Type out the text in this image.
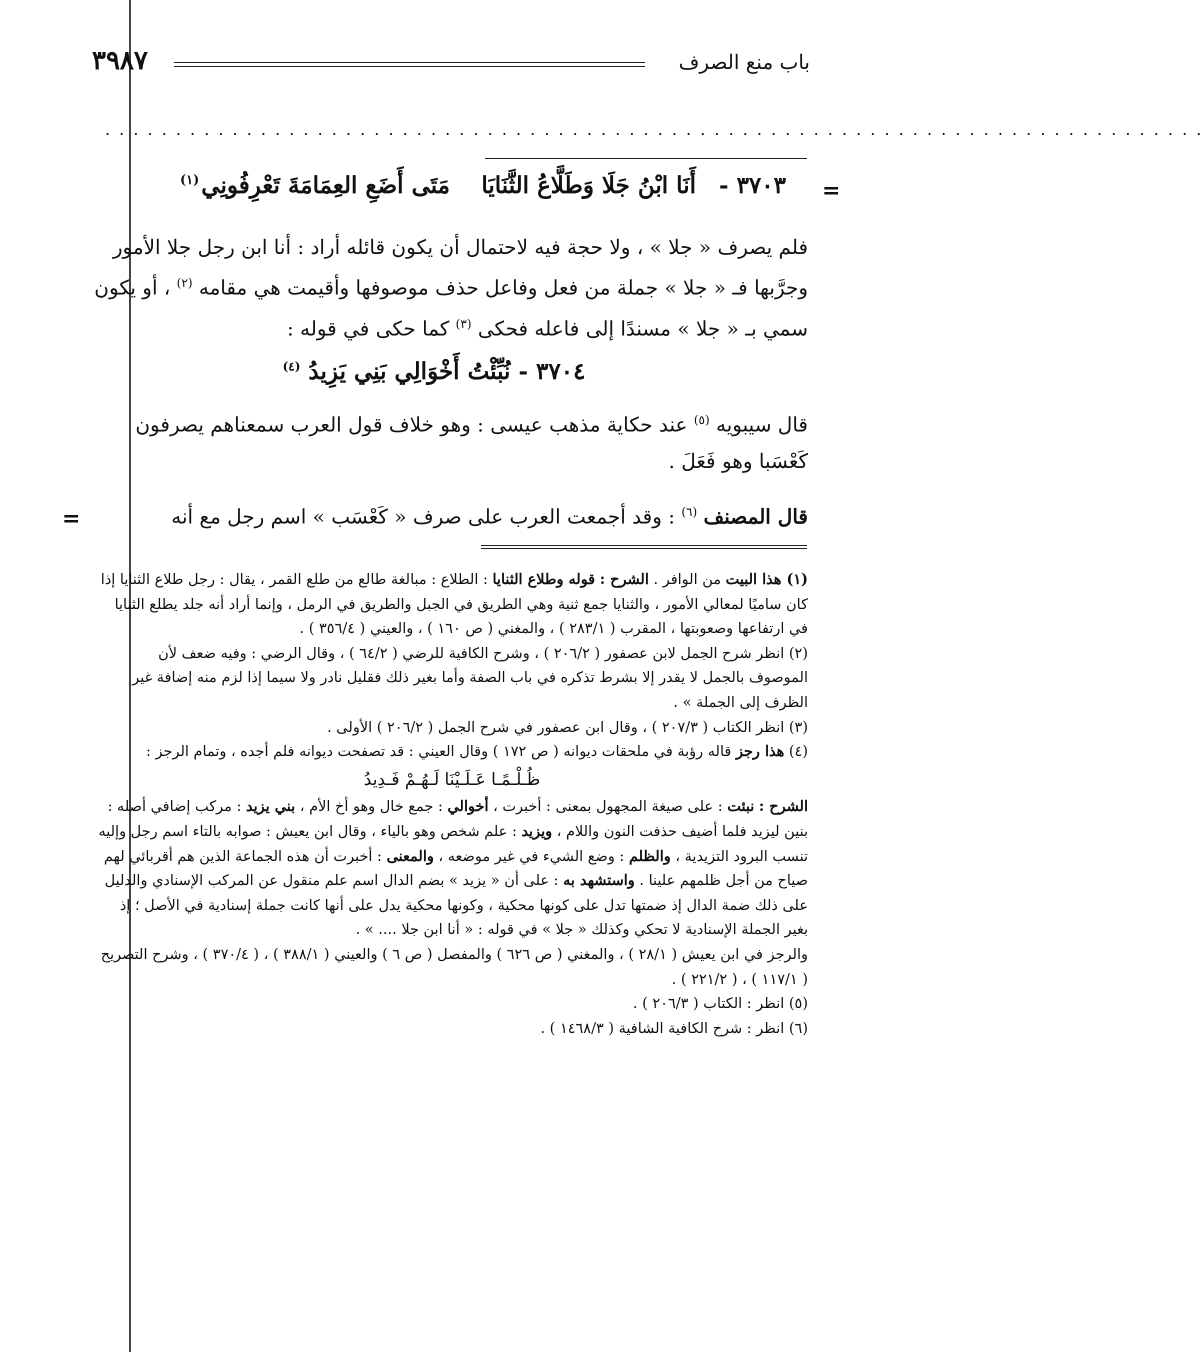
باب منع الصرف
٣٩٨٧
. . . . . . . . . . . . . . . . . . . . . . . . . . . . . . . . . . . . . . . . . . . . . . . . . . . . . . . . . . . . . . . . . . . . . . . . . . . . . .
=
٣٧٠٣ -
أَنَا ابْنُ جَلَا وَطَلَّاعُ الثَّنَايَا
مَتَى أَضَعِ العِمَامَةَ تَعْرِفُونِي$^{(١)}$
فلم يصرف « جلا » ، ولا حجة فيه لاحتمال أن يكون قائله أراد : أنا ابن رجل جلا الأمور وجرَّبها فـ « جلا » جملة من فعل وفاعل حذف موصوفها وأقيمت هي مقامه $^{(٢)}$ ، أو يكون سمي بـ « جلا » مسندًا إلى فاعله فحكى $^{(٣)}$ كما حكى في قوله :
٣٧٠٤ - نُبِّئْتُ أَخْوَالِي بَنِي يَزِيدُ $^{(٤)}$
قال سيبويه $^{(٥)}$ عند حكاية مذهب عيسى : وهو خلاف قول العرب سمعناهم يصرفون كَعْسَبا وهو فَعَلَ .
قال المصنف $^{(٦)}$ : وقد أجمعت العرب على صرف « كَعْسَب » اسم رجل مع أنه
=

(١) هذا البيت من الوافر . الشرح : قوله وطلاع الثنايا : الطلاع : مبالغة طالع من طلع القمر ، يقال : رجل طلاع الثنايا إذا كان ساميًا لمعالي الأمور ، والثنايا جمع ثنية وهي الطريق في الجبل والطريق في الرمل ، وإنما أراد أنه جلد يطلع الثنايا في ارتفاعها وصعوبتها ، المقرب ( ٢٨٣/١ ) ، والمغني ( ص ١٦٠ ) ، والعيني ( ٣٥٦/٤ ) .

(٢) انظر شرح الجمل لابن عصفور ( ٢٠٦/٢ ) ، وشرح الكافية للرضي ( ٦٤/٢ ) ، وقال الرضي : وفيه ضعف لأن الموصوف بالجمل لا يقدر إلا بشرط تذكره في باب الصفة وأما بغير ذلك فقليل نادر ولا سيما إذا لزم منه إضافة غير الظرف إلى الجملة » .

(٣) انظر الكتاب ( ٢٠٧/٣ ) ، وقال ابن عصفور في شرح الجمل ( ٢٠٦/٢ ) الأولى .

(٤) هذا رجز قاله رؤبة في ملحقات ديوانه ( ص ١٧٢ ) وقال العيني : قد تصفحت ديوانه فلم أجده ، وتمام الرجز :

ظُـلْـمًـا عَـلَـيْنَا لَـهُـمْ فَـدِيدُ

الشرح : نبئت : على صيغة المجهول بمعنى : أخبرت ، أخوالي : جمع خال وهو أخ الأم ، بني يزيد : مركب إضافي أصله : بنين ليزيد فلما أضيف حذفت النون واللام ، ويزيد : علم شخص وهو بالياء ، وقال ابن يعيش : صوابه بالتاء اسم رجل وإليه تنسب البرود التزيدية ، والظلم : وضع الشيء في غير موضعه ، والمعنى : أخبرت أن هذه الجماعة الذين هم أقربائي لهم صياح من أجل ظلمهم علينا . واستشهد به : على أن « يزيد » بضم الدال اسم علم منقول عن المركب الإسنادي والدليل على ذلك ضمة الدال إذ ضمتها تدل على كونها محكية ، وكونها محكية يدل على أنها كانت جملة إسنادية في الأصل ؛ إذ بغير الجملة الإسنادية لا تحكي وكذلك « جلا » في قوله : « أنا ابن جلا .... » .

والرجز في ابن يعيش ( ٢٨/١ ) ، والمغني ( ص ٦٢٦ ) والمفصل ( ص ٦ ) والعيني ( ٣٨٨/١ ) ، ( ٣٧٠/٤ ) ، وشرح التصريح ( ١١٧/١ ) ، ( ٢٢١/٢ ) .

(٥) انظر : الكتاب ( ٢٠٦/٣ ) .

(٦) انظر : شرح الكافية الشافية ( ١٤٦٨/٣ ) .
